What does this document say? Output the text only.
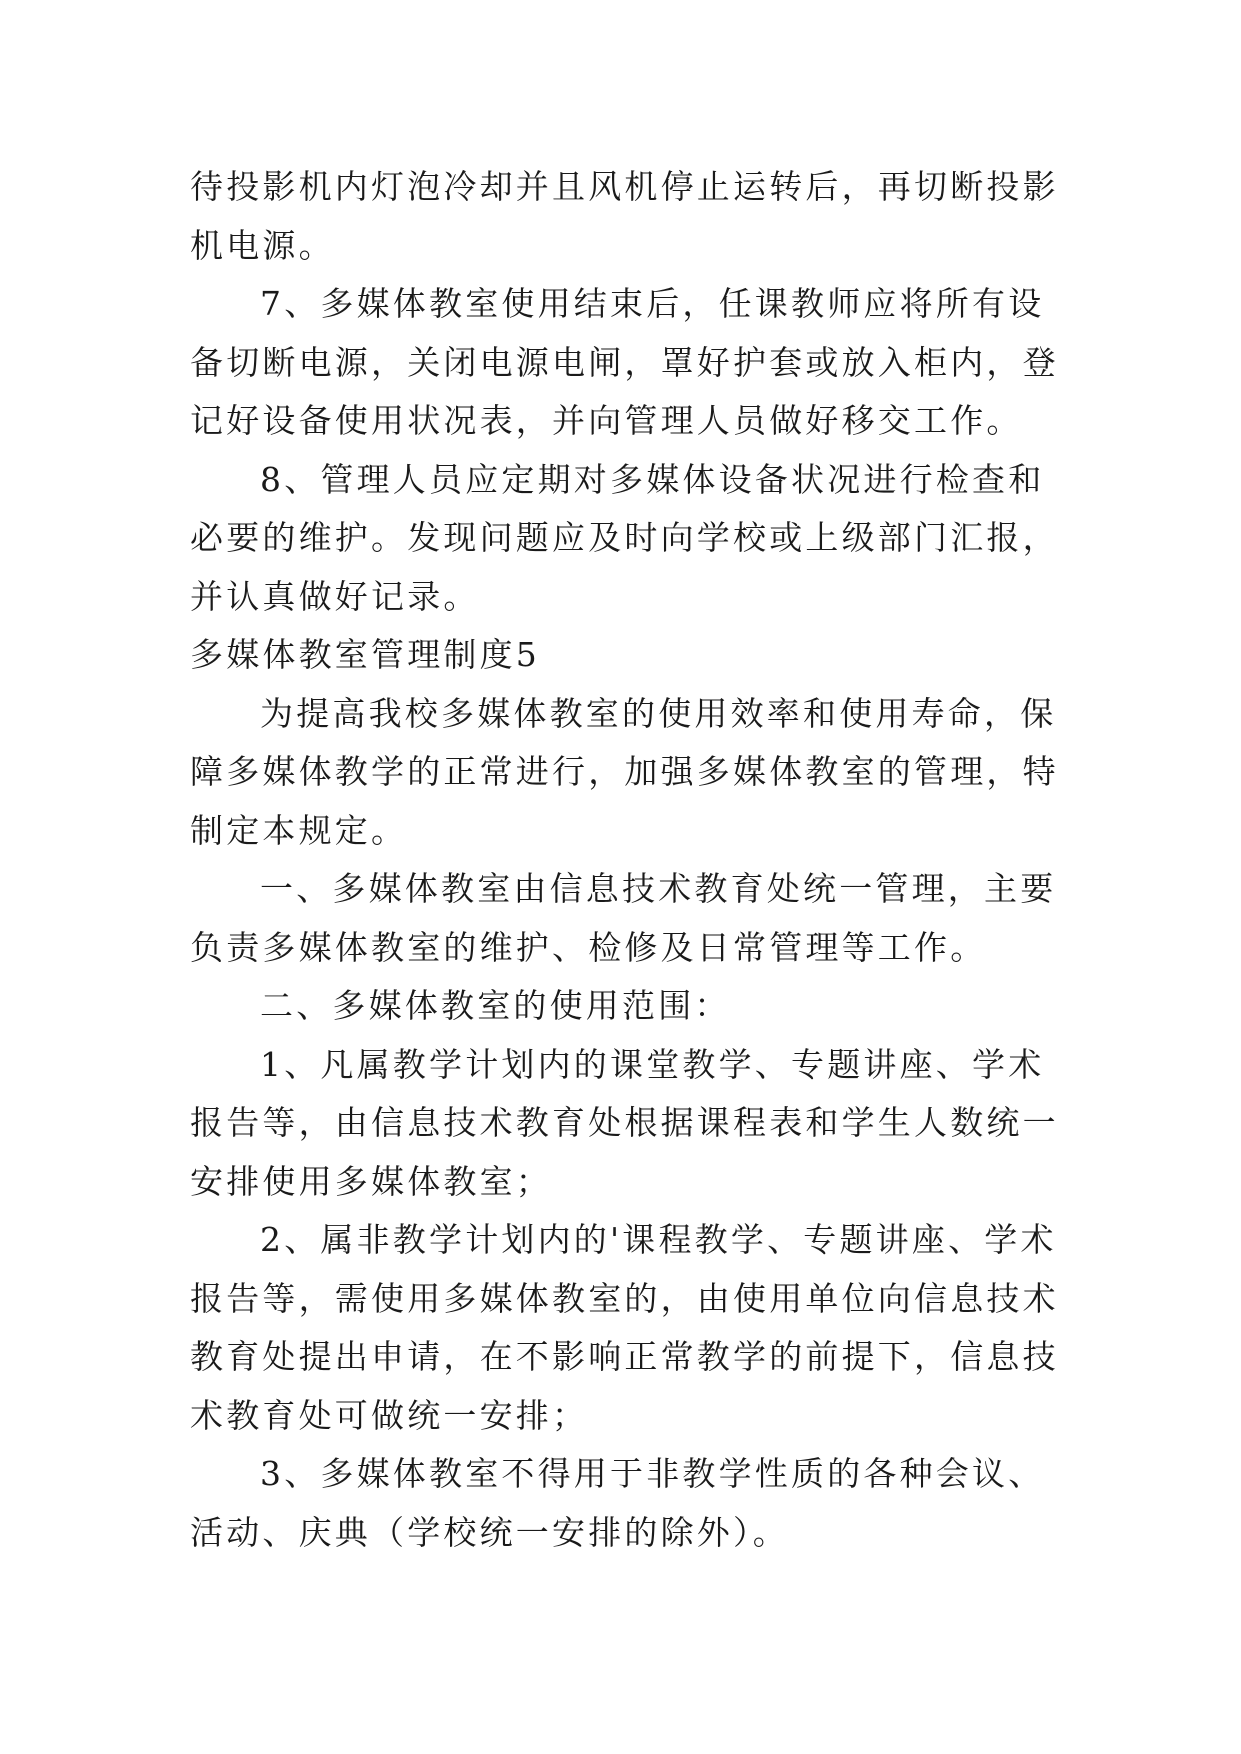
待投影机内灯泡冷却并且风机停止运转后，再切断投影机电源。

7、多媒体教室使用结束后，任课教师应将所有设备切断电源，关闭电源电闸，罩好护套或放入柜内，登记好设备使用状况表，并向管理人员做好移交工作。

8、管理人员应定期对多媒体设备状况进行检查和必要的维护。发现问题应及时向学校或上级部门汇报，并认真做好记录。

多媒体教室管理制度5

为提高我校多媒体教室的使用效率和使用寿命，保障多媒体教学的正常进行，加强多媒体教室的管理，特制定本规定。

一、多媒体教室由信息技术教育处统一管理，主要负责多媒体教室的维护、检修及日常管理等工作。

二、多媒体教室的使用范围：

1、凡属教学计划内的课堂教学、专题讲座、学术报告等，由信息技术教育处根据课程表和学生人数统一安排使用多媒体教室；

2、属非教学计划内的'课程教学、专题讲座、学术报告等，需使用多媒体教室的，由使用单位向信息技术教育处提出申请，在不影响正常教学的前提下，信息技术教育处可做统一安排；

3、多媒体教室不得用于非教学性质的各种会议、活动、庆典（学校统一安排的除外）。
